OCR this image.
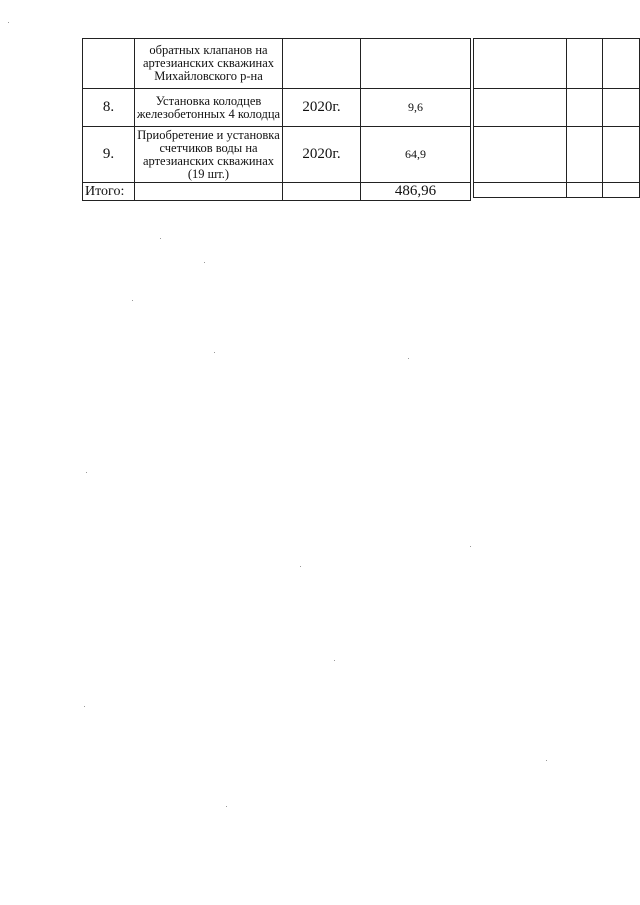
	обратных клапанов на артезианских скважинах Михайловского р-на		
8.	Установка колодцев железобетонных 4 колодца	2020г.	9,6
9.	Приобретение и установка счетчиков воды на артезианских скважинах (19 шт.)	2020г.	64,9
Итого:			486,96
